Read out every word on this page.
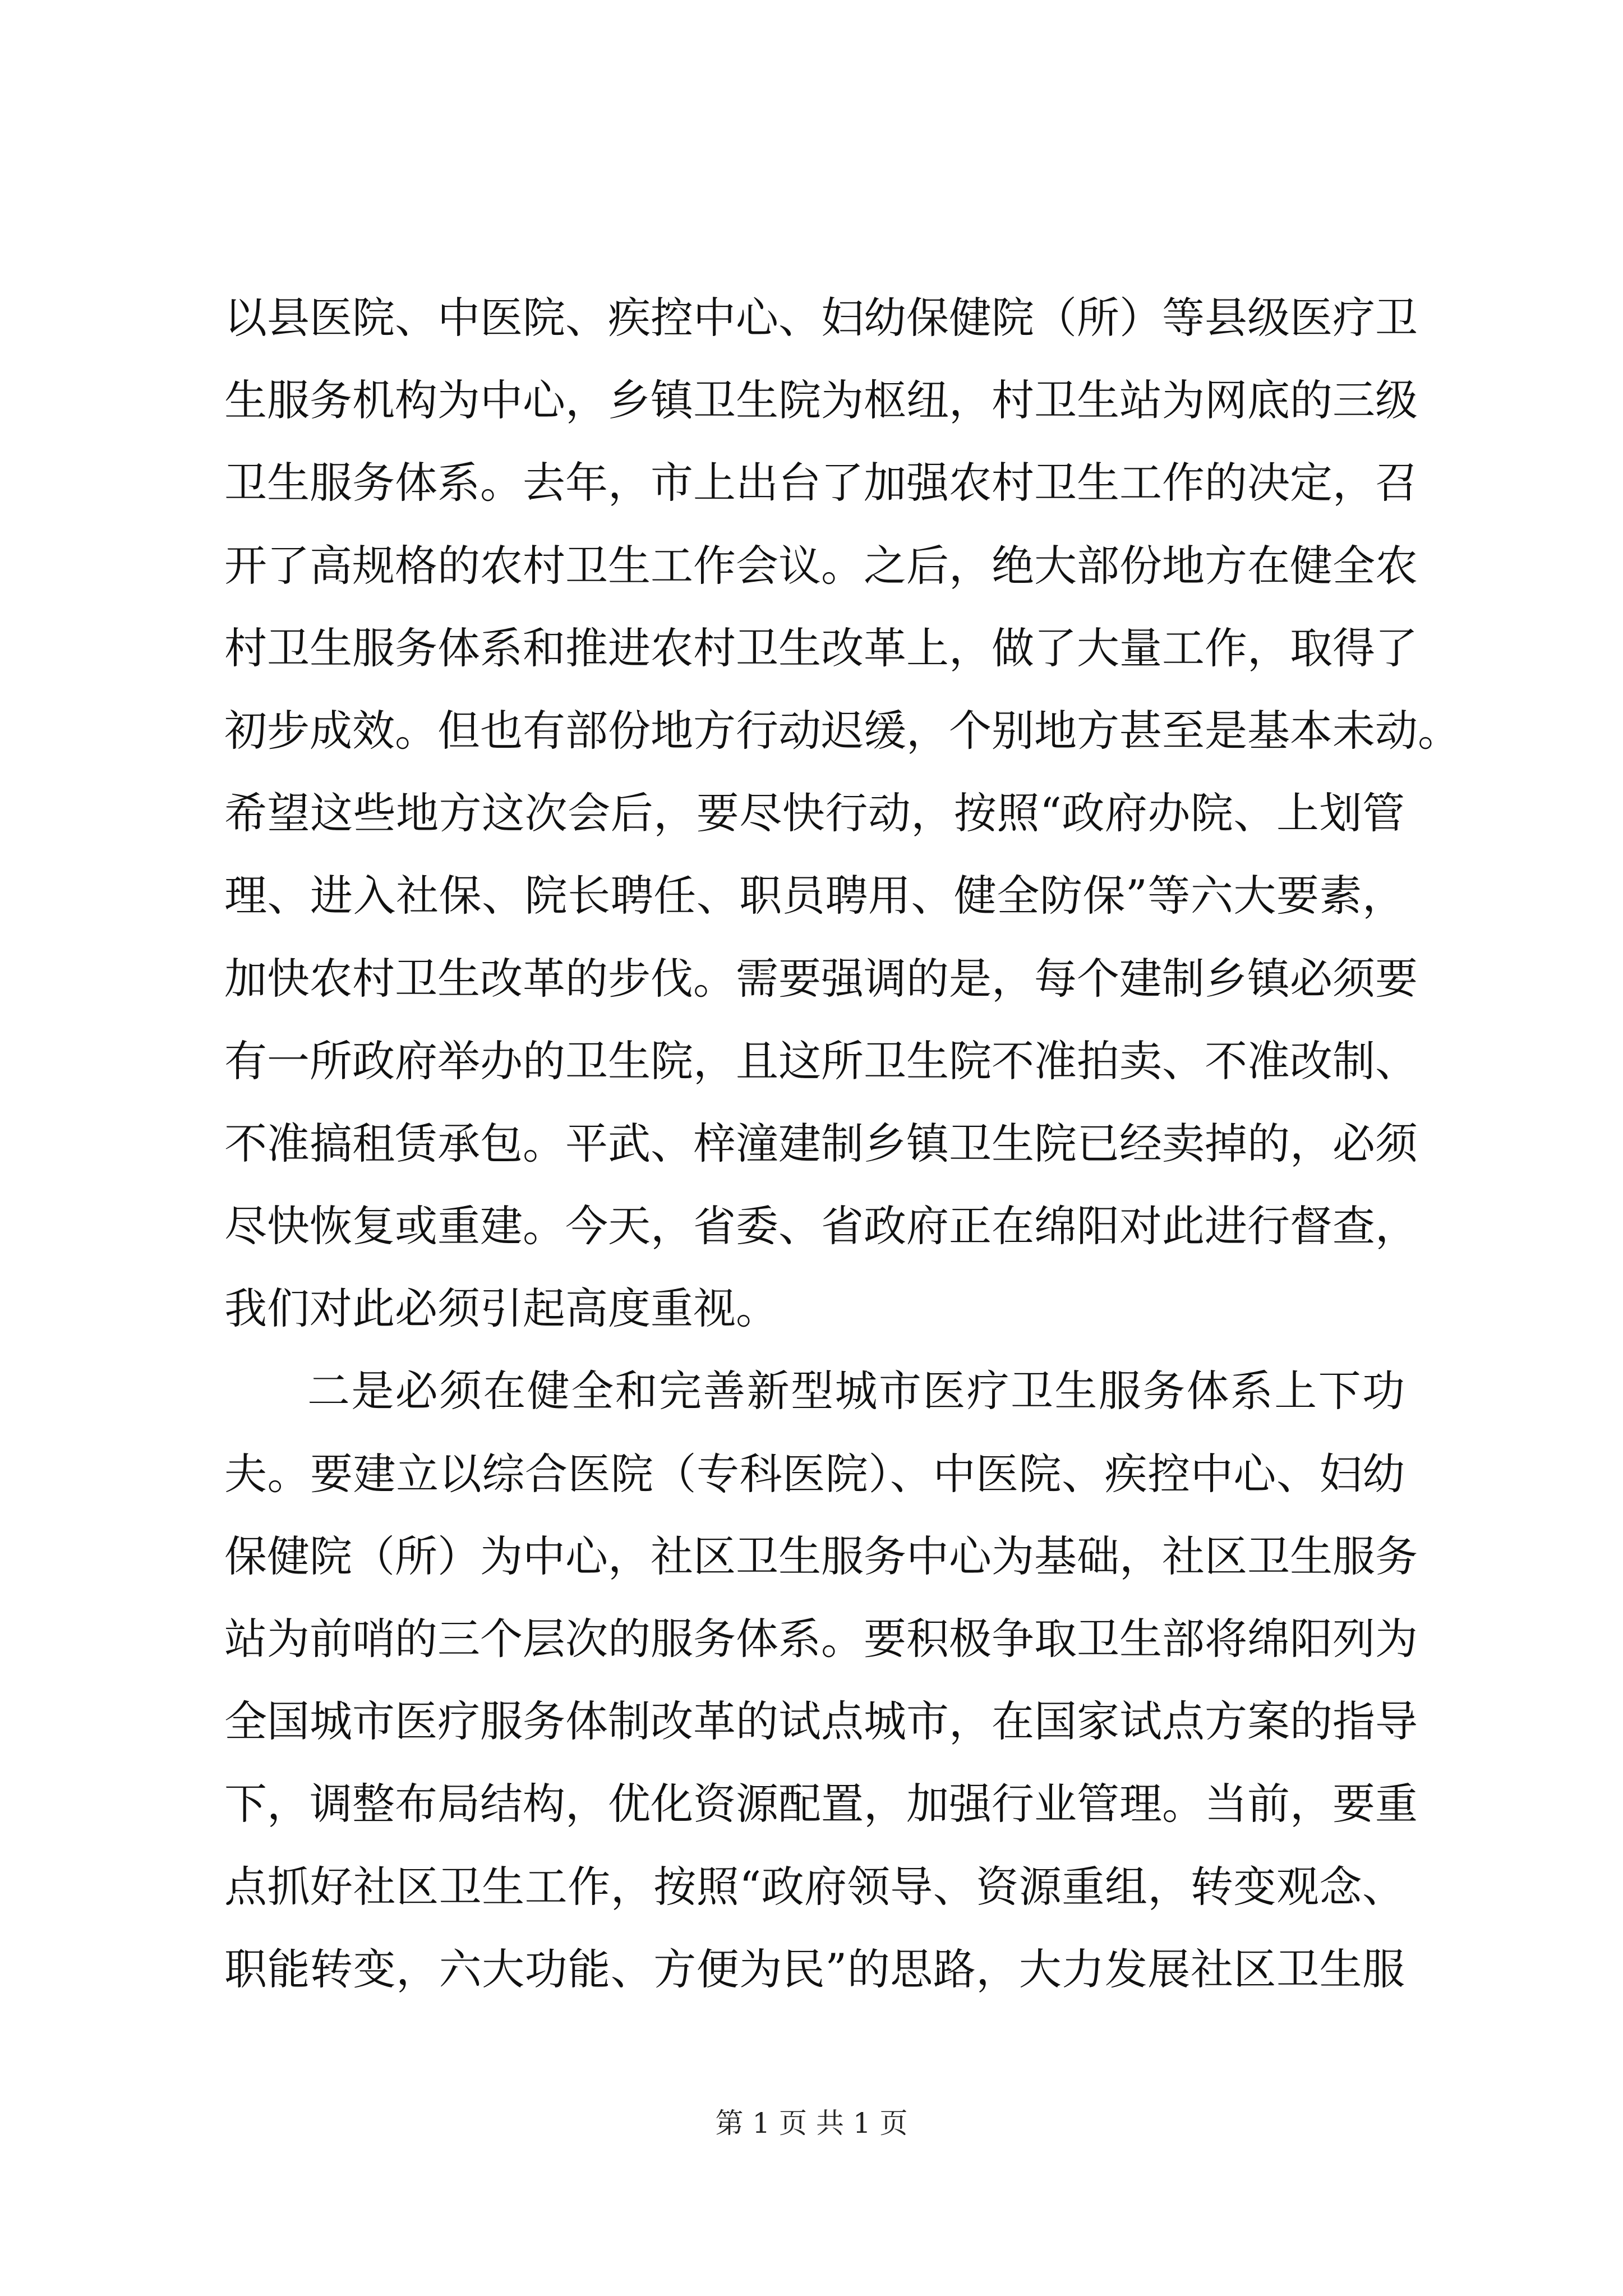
以县医院、中医院、疾控中心、妇幼保健院（所）等县级医疗卫
生服务机构为中心，乡镇卫生院为枢纽，村卫生站为网底的三级
卫生服务体系。去年，市上出台了加强农村卫生工作的决定，召
开了高规格的农村卫生工作会议。之后，绝大部份地方在健全农
村卫生服务体系和推进农村卫生改革上，做了大量工作，取得了
初步成效。但也有部份地方行动迟缓，个别地方甚至是基本未动。
希望这些地方这次会后，要尽快行动，按照“政府办院、上划管
理、进入社保、院长聘任、职员聘用、健全防保”等六大要素，
加快农村卫生改革的步伐。需要强调的是，每个建制乡镇必须要
有一所政府举办的卫生院，且这所卫生院不准拍卖、不准改制、
不准搞租赁承包。平武、梓潼建制乡镇卫生院已经卖掉的，必须
尽快恢复或重建。今天，省委、省政府正在绵阳对此进行督查，
我们对此必须引起高度重视。
二是必须在健全和完善新型城市医疗卫生服务体系上下功
夫。要建立以综合医院（专科医院）、中医院、疾控中心、妇幼
保健院（所）为中心，社区卫生服务中心为基础，社区卫生服务
站为前哨的三个层次的服务体系。要积极争取卫生部将绵阳列为
全国城市医疗服务体制改革的试点城市，在国家试点方案的指导
下，调整布局结构，优化资源配置，加强行业管理。当前，要重
点抓好社区卫生工作，按照“政府领导、资源重组，转变观念、
职能转变，六大功能、方便为民”的思路，大力发展社区卫生服
第 1 页 共 1 页
